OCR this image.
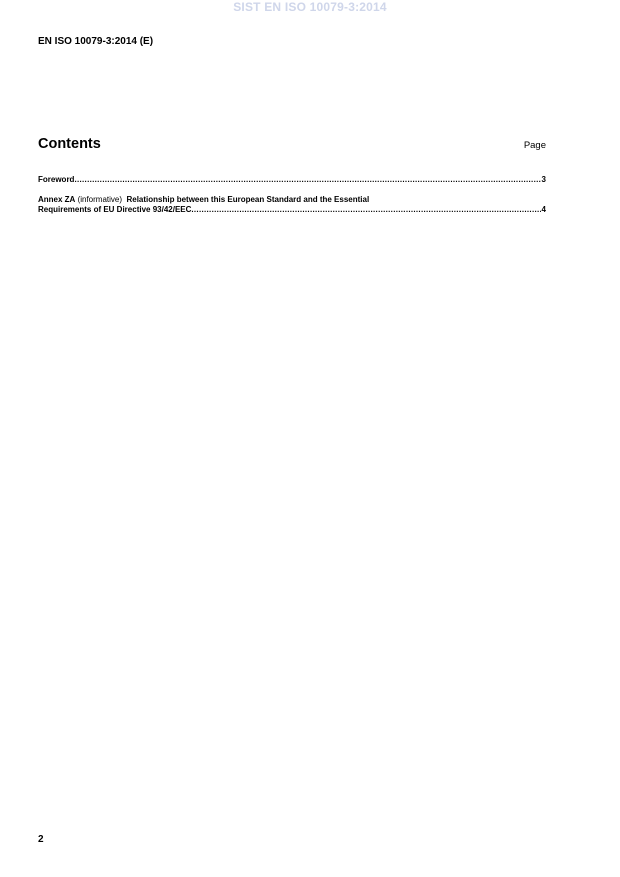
SIST EN ISO 10079-3:2014
EN ISO 10079-3:2014 (E)
Contents	Page
Foreword .....	3
Annex ZA (informative) Relationship between this European Standard and the Essential
Requirements of EU Directive 93/42/EEC .....	4
2
